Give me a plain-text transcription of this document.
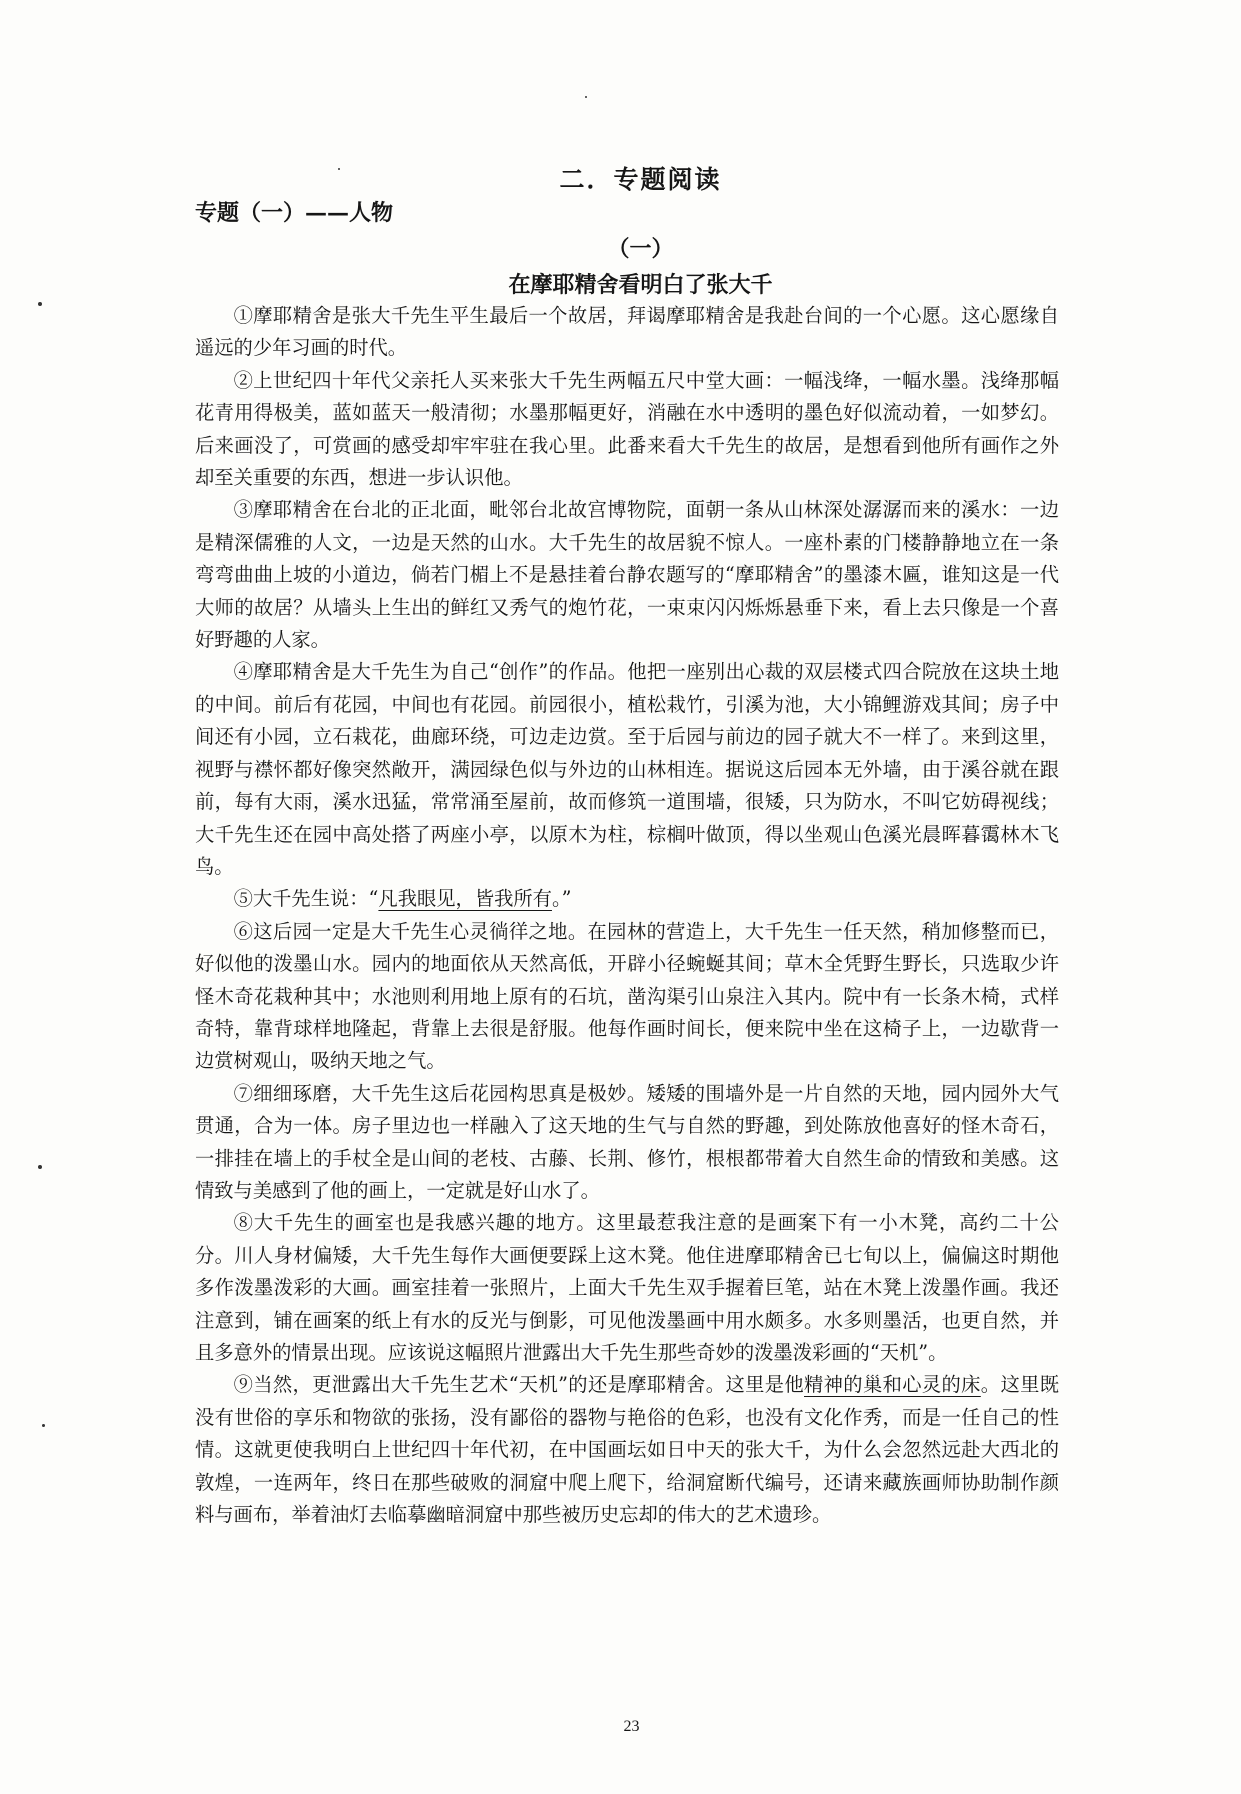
二．专题阅读
专题（一）——人物
（一）
在摩耶精舍看明白了张大千

①摩耶精舍是张大千先生平生最后一个故居，拜谒摩耶精舍是我赴台间的一个心愿。这心愿缘自遥远的少年习画的时代。

②上世纪四十年代父亲托人买来张大千先生两幅五尺中堂大画：一幅浅绛，一幅水墨。浅绛那幅花青用得极美，蓝如蓝天一般清彻；水墨那幅更好，消融在水中透明的墨色好似流动着，一如梦幻。后来画没了，可赏画的感受却牢牢驻在我心里。此番来看大千先生的故居，是想看到他所有画作之外却至关重要的东西，想进一步认识他。

③摩耶精舍在台北的正北面，毗邻台北故宫博物院，面朝一条从山林深处潺潺而来的溪水：一边是精深儒雅的人文，一边是天然的山水。大千先生的故居貌不惊人。一座朴素的门楼静静地立在一条弯弯曲曲上坡的小道边，倘若门楣上不是悬挂着台静农题写的“摩耶精舍”的墨漆木匾，谁知这是一代大师的故居？从墙头上生出的鲜红又秀气的炮竹花，一束束闪闪烁烁悬垂下来，看上去只像是一个喜好野趣的人家。

④摩耶精舍是大千先生为自己“创作”的作品。他把一座别出心裁的双层楼式四合院放在这块土地的中间。前后有花园，中间也有花园。前园很小，植松栽竹，引溪为池，大小锦鲤游戏其间；房子中间还有小园，立石栽花，曲廊环绕，可边走边赏。至于后园与前边的园子就大不一样了。来到这里，视野与襟怀都好像突然敞开，满园绿色似与外边的山林相连。据说这后园本无外墙，由于溪谷就在跟前，每有大雨，溪水迅猛，常常涌至屋前，故而修筑一道围墙，很矮，只为防水，不叫它妨碍视线；大千先生还在园中高处搭了两座小亭，以原木为柱，棕榈叶做顶，得以坐观山色溪光晨晖暮霭林木飞鸟。

⑤大千先生说：“凡我眼见，皆我所有。”

⑥这后园一定是大千先生心灵徜徉之地。在园林的营造上，大千先生一任天然，稍加修整而已，好似他的泼墨山水。园内的地面依从天然高低，开辟小径蜿蜒其间；草木全凭野生野长，只选取少许怪木奇花栽种其中；水池则利用地上原有的石坑，凿沟渠引山泉注入其内。院中有一长条木椅，式样奇特，靠背球样地隆起，背靠上去很是舒服。他每作画时间长，便来院中坐在这椅子上，一边歇背一边赏树观山，吸纳天地之气。

⑦细细琢磨，大千先生这后花园构思真是极妙。矮矮的围墙外是一片自然的天地，园内园外大气贯通，合为一体。房子里边也一样融入了这天地的生气与自然的野趣，到处陈放他喜好的怪木奇石，一排挂在墙上的手杖全是山间的老枝、古藤、长荆、修竹，根根都带着大自然生命的情致和美感。这情致与美感到了他的画上，一定就是好山水了。

⑧大千先生的画室也是我感兴趣的地方。这里最惹我注意的是画案下有一小木凳，高约二十公分。川人身材偏矮，大千先生每作大画便要踩上这木凳。他住进摩耶精舍已七旬以上，偏偏这时期他多作泼墨泼彩的大画。画室挂着一张照片，上面大千先生双手握着巨笔，站在木凳上泼墨作画。我还注意到，铺在画案的纸上有水的反光与倒影，可见他泼墨画中用水颇多。水多则墨活，也更自然，并且多意外的情景出现。应该说这幅照片泄露出大千先生那些奇妙的泼墨泼彩画的“天机”。

⑨当然，更泄露出大千先生艺术“天机”的还是摩耶精舍。这里是他精神的巢和心灵的床。这里既没有世俗的享乐和物欲的张扬，没有鄙俗的器物与艳俗的色彩，也没有文化作秀，而是一任自己的性情。这就更使我明白上世纪四十年代初，在中国画坛如日中天的张大千，为什么会忽然远赴大西北的敦煌，一连两年，终日在那些破败的洞窟中爬上爬下，给洞窟断代编号，还请来藏族画师协助制作颜料与画布，举着油灯去临摹幽暗洞窟中那些被历史忘却的伟大的艺术遗珍。

23
